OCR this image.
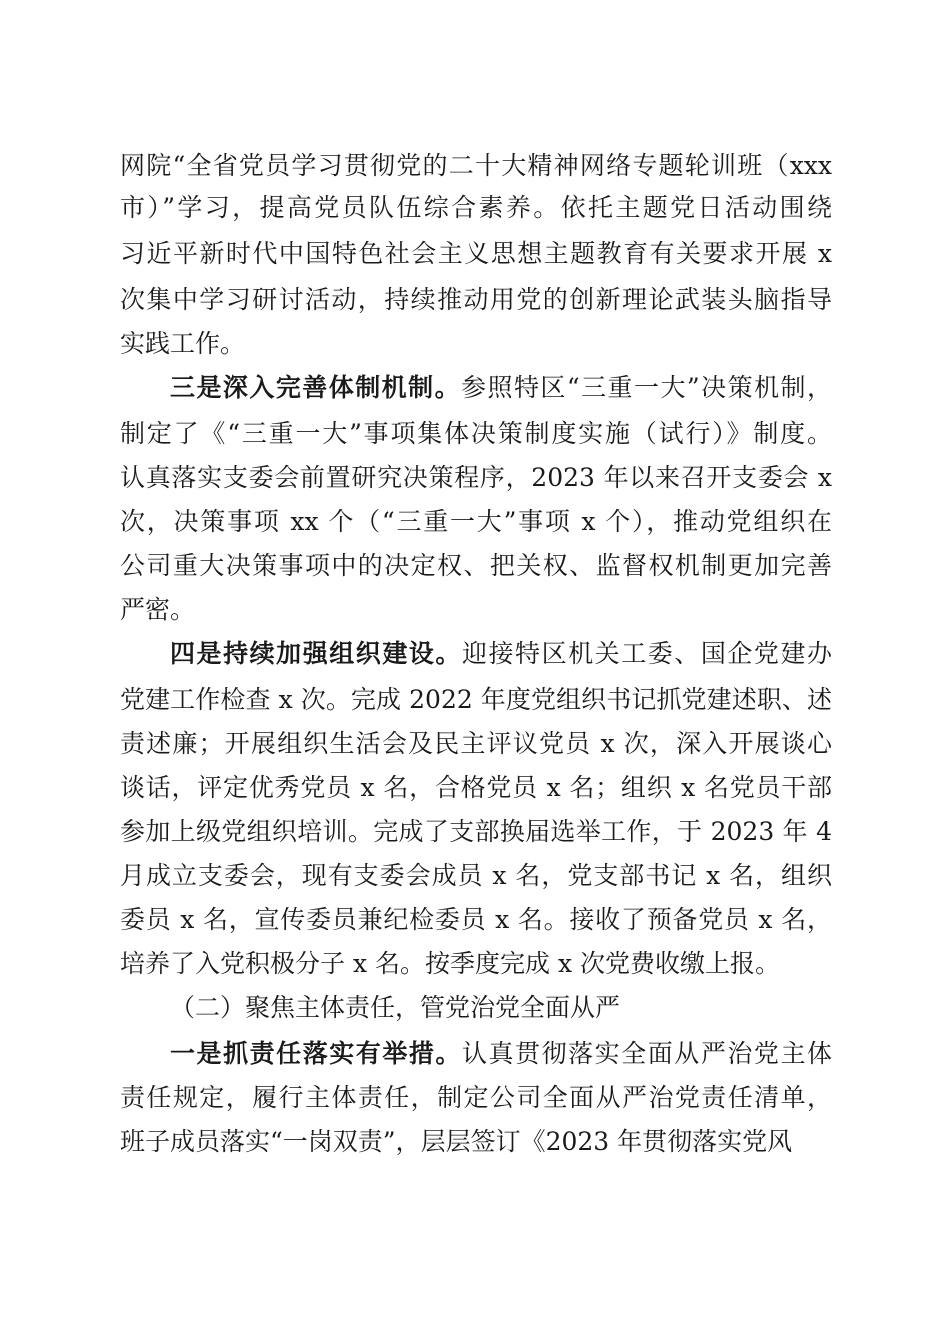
网院“全省党员学习贯彻党的二十大精神网络专题轮训班（xxx
市）”学习，提高党员队伍综合素养。依托主题党日活动围绕
习近平新时代中国特色社会主义思想主题教育有关要求开展 x
次集中学习研讨活动，持续推动用党的创新理论武装头脑指导
实践工作。
三是深入完善体制机制。参照特区“三重一大”决策机制，
制定了《“三重一大”事项集体决策制度实施（试行）》制度。
认真落实支委会前置研究决策程序，2023 年以来召开支委会 x
次，决策事项 xx 个（“三重一大”事项 x 个），推动党组织在
公司重大决策事项中的决定权、把关权、监督权机制更加完善
严密。
四是持续加强组织建设。迎接特区机关工委、国企党建办
党建工作检查 x 次。完成 2022 年度党组织书记抓党建述职、述
责述廉；开展组织生活会及民主评议党员 x 次，深入开展谈心
谈话，评定优秀党员 x 名，合格党员 x 名；组织 x 名党员干部
参加上级党组织培训。完成了支部换届选举工作，于 2023 年 4
月成立支委会，现有支委会成员 x 名，党支部书记 x 名，组织
委员 x 名，宣传委员兼纪检委员 x 名。接收了预备党员 x 名，
培养了入党积极分子 x 名。按季度完成 x 次党费收缴上报。
（二）聚焦主体责任，管党治党全面从严
一是抓责任落实有举措。认真贯彻落实全面从严治党主体
责任规定，履行主体责任，制定公司全面从严治党责任清单，
班子成员落实“一岗双责”，层层签订《2023 年贯彻落实党风
